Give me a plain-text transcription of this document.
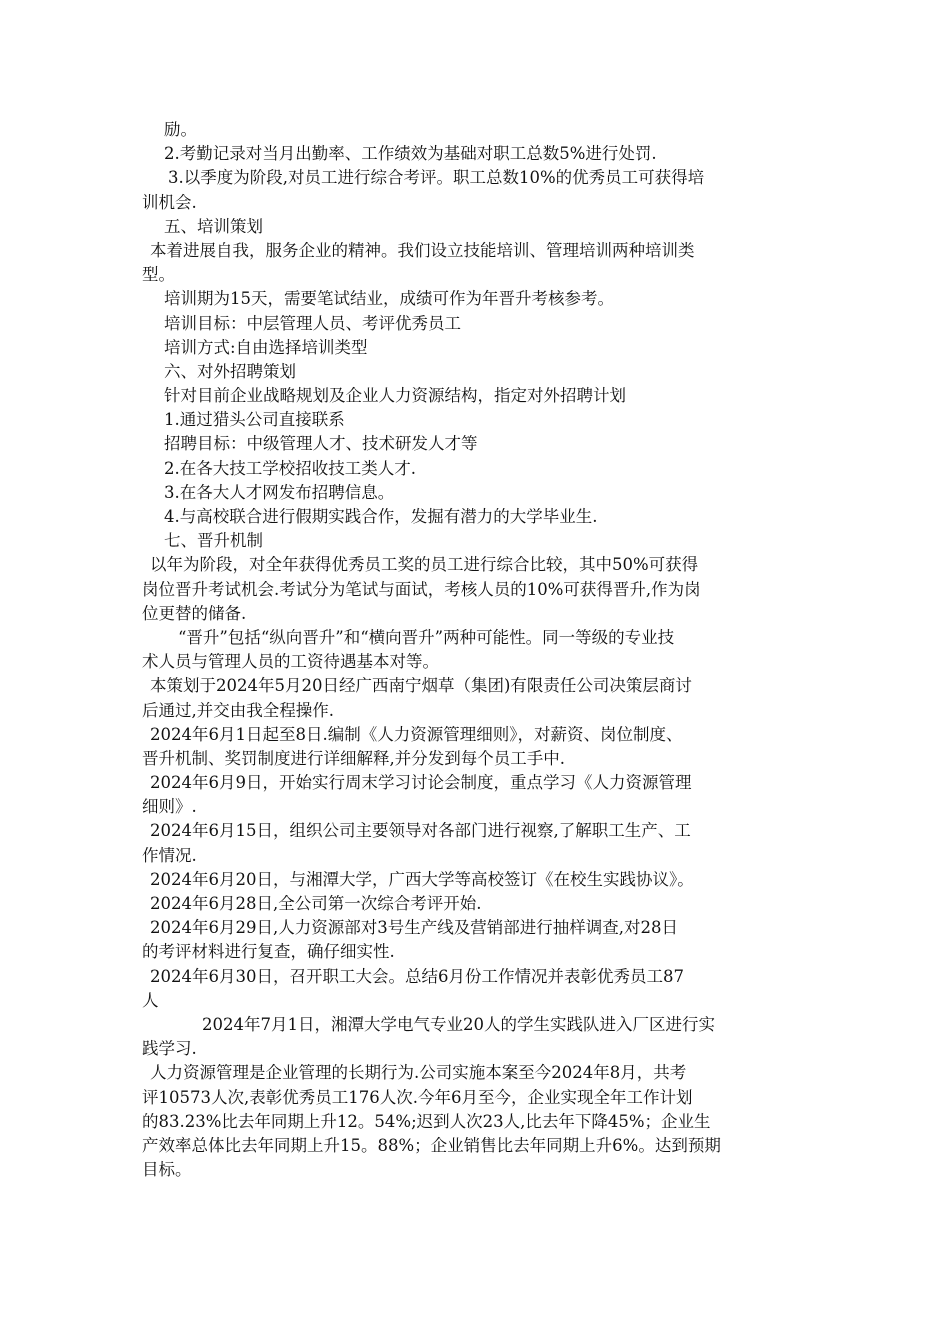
励。
2.考勤记录对当月出勤率、工作绩效为基础对职工总数5%进行处罚.
3.以季度为阶段,对员工进行综合考评。职工总数10%的优秀员工可获得培
训机会.
五、培训策划
本着进展自我，服务企业的精神。我们设立技能培训、管理培训两种培训类
型。
培训期为15天，需要笔试结业，成绩可作为年晋升考核参考。
培训目标：中层管理人员、考评优秀员工
培训方式:自由选择培训类型
六、对外招聘策划
针对目前企业战略规划及企业人力资源结构，指定对外招聘计划
1.通过猎头公司直接联系
招聘目标：中级管理人才、技术研发人才等
2.在各大技工学校招收技工类人才.
3.在各大人才网发布招聘信息。
4.与高校联合进行假期实践合作，发掘有潜力的大学毕业生.
七、晋升机制
以年为阶段，对全年获得优秀员工奖的员工进行综合比较，其中50%可获得
岗位晋升考试机会.考试分为笔试与面试，考核人员的10%可获得晋升,作为岗
位更替的储备.
“晋升”包括“纵向晋升”和“横向晋升”两种可能性。同一等级的专业技
术人员与管理人员的工资待遇基本对等。
本策划于2024年5月20日经广西南宁烟草（集团)有限责任公司决策层商讨
后通过,并交由我全程操作.
2024年6月1日起至8日.编制《人力资源管理细则》，对薪资、岗位制度、
晋升机制、奖罚制度进行详细解释,并分发到每个员工手中.
2024年6月9日，开始实行周末学习讨论会制度，重点学习《人力资源管理
细则》.
2024年6月15日，组织公司主要领导对各部门进行视察,了解职工生产、工
作情况.
2024年6月20日，与湘潭大学，广西大学等高校签订《在校生实践协议》。
2024年6月28日,全公司第一次综合考评开始.
2024年6月29日,人力资源部对3号生产线及营销部进行抽样调查,对28日
的考评材料进行复查，确仔细实性.
2024年6月30日，召开职工大会。总结6月份工作情况并表彰优秀员工87
人
2024年7月1日，湘潭大学电气专业20人的学生实践队进入厂区进行实
践学习.
人力资源管理是企业管理的长期行为.公司实施本案至今2024年8月，共考
评10573人次,表彰优秀员工176人次.今年6月至今，企业实现全年工作计划
的83.23%比去年同期上升12。54%;迟到人次23人,比去年下降45%；企业生
产效率总体比去年同期上升15。88%；企业销售比去年同期上升6%。达到预期
目标。
